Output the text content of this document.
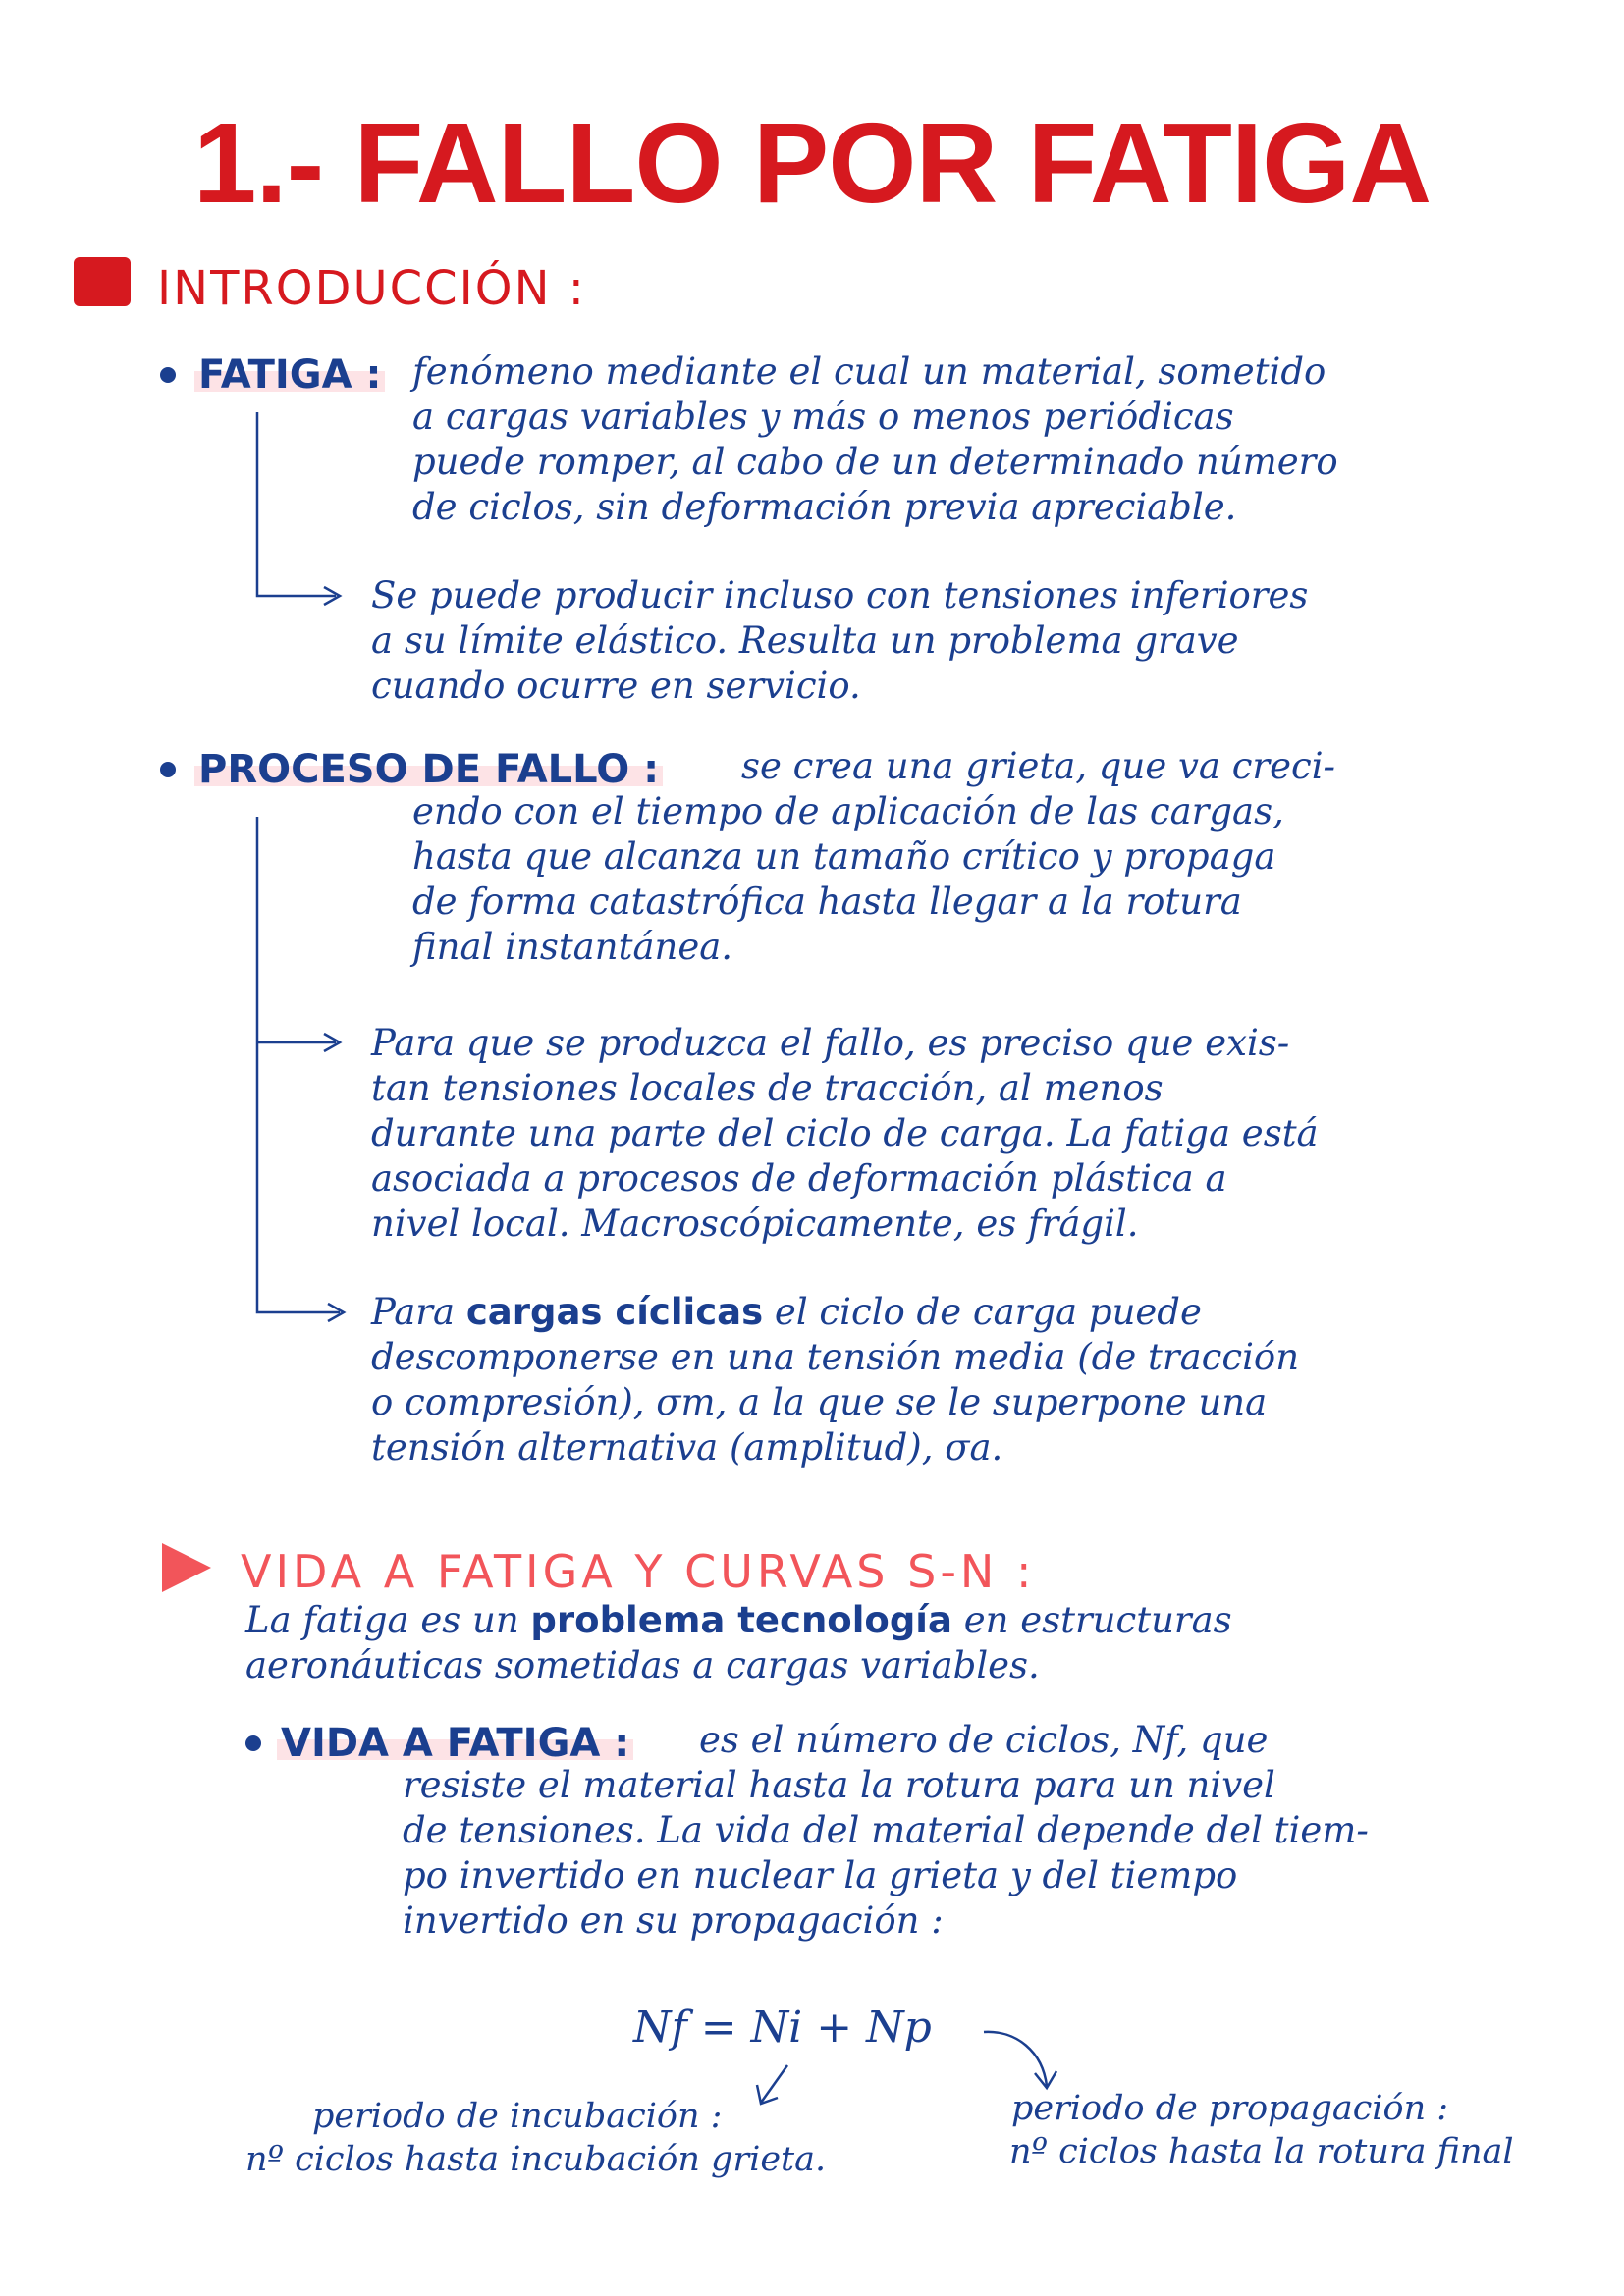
1.- FALLO POR FATIGA
INTRODUCCIÓN :
FATIGA : fenómeno mediante el cual un material, sometido

a cargas variables y más o menos periódicas

puede romper, al cabo de un determinado número

de ciclos, sin deformación previa apreciable.

Se puede producir incluso con tensiones inferiores

a su límite elástico. Resulta un problema grave

cuando ocurre en servicio.

PROCESO DE FALLO : se crea una grieta, que va creci-

endo con el tiempo de aplicación de las cargas,

hasta que alcanza un tamaño crítico y propaga

de forma catastrófica hasta llegar a la rotura

final instantánea.

Para que se produzca el fallo, es preciso que exis-

tan tensiones locales de tracción, al menos

durante una parte del ciclo de carga. La fatiga está

asociada a procesos de deformación plástica a

nivel local. Macroscópicamente, es frágil.

Para cargas cíclicas el ciclo de carga puede

descomponerse en una tensión media (de tracción

o compresión), σm, a la que se le superpone una

tensión alternativa (amplitud), σa.

VIDA A FATIGA Y CURVAS S-N :

La fatiga es un problema tecnología en estructuras

aeronáuticas sometidas a cargas variables.

VIDA A FATIGA : es el número de ciclos, Nf, que

resiste el material hasta la rotura para un nivel

de tensiones. La vida del material depende del tiem-

po invertido en nuclear la grieta y del tiempo

invertido en su propagación :

Nf = Ni + Np
periodo de incubación :
nº ciclos hasta incubación grieta.
periodo de propagación :
nº ciclos hasta la rotura final
